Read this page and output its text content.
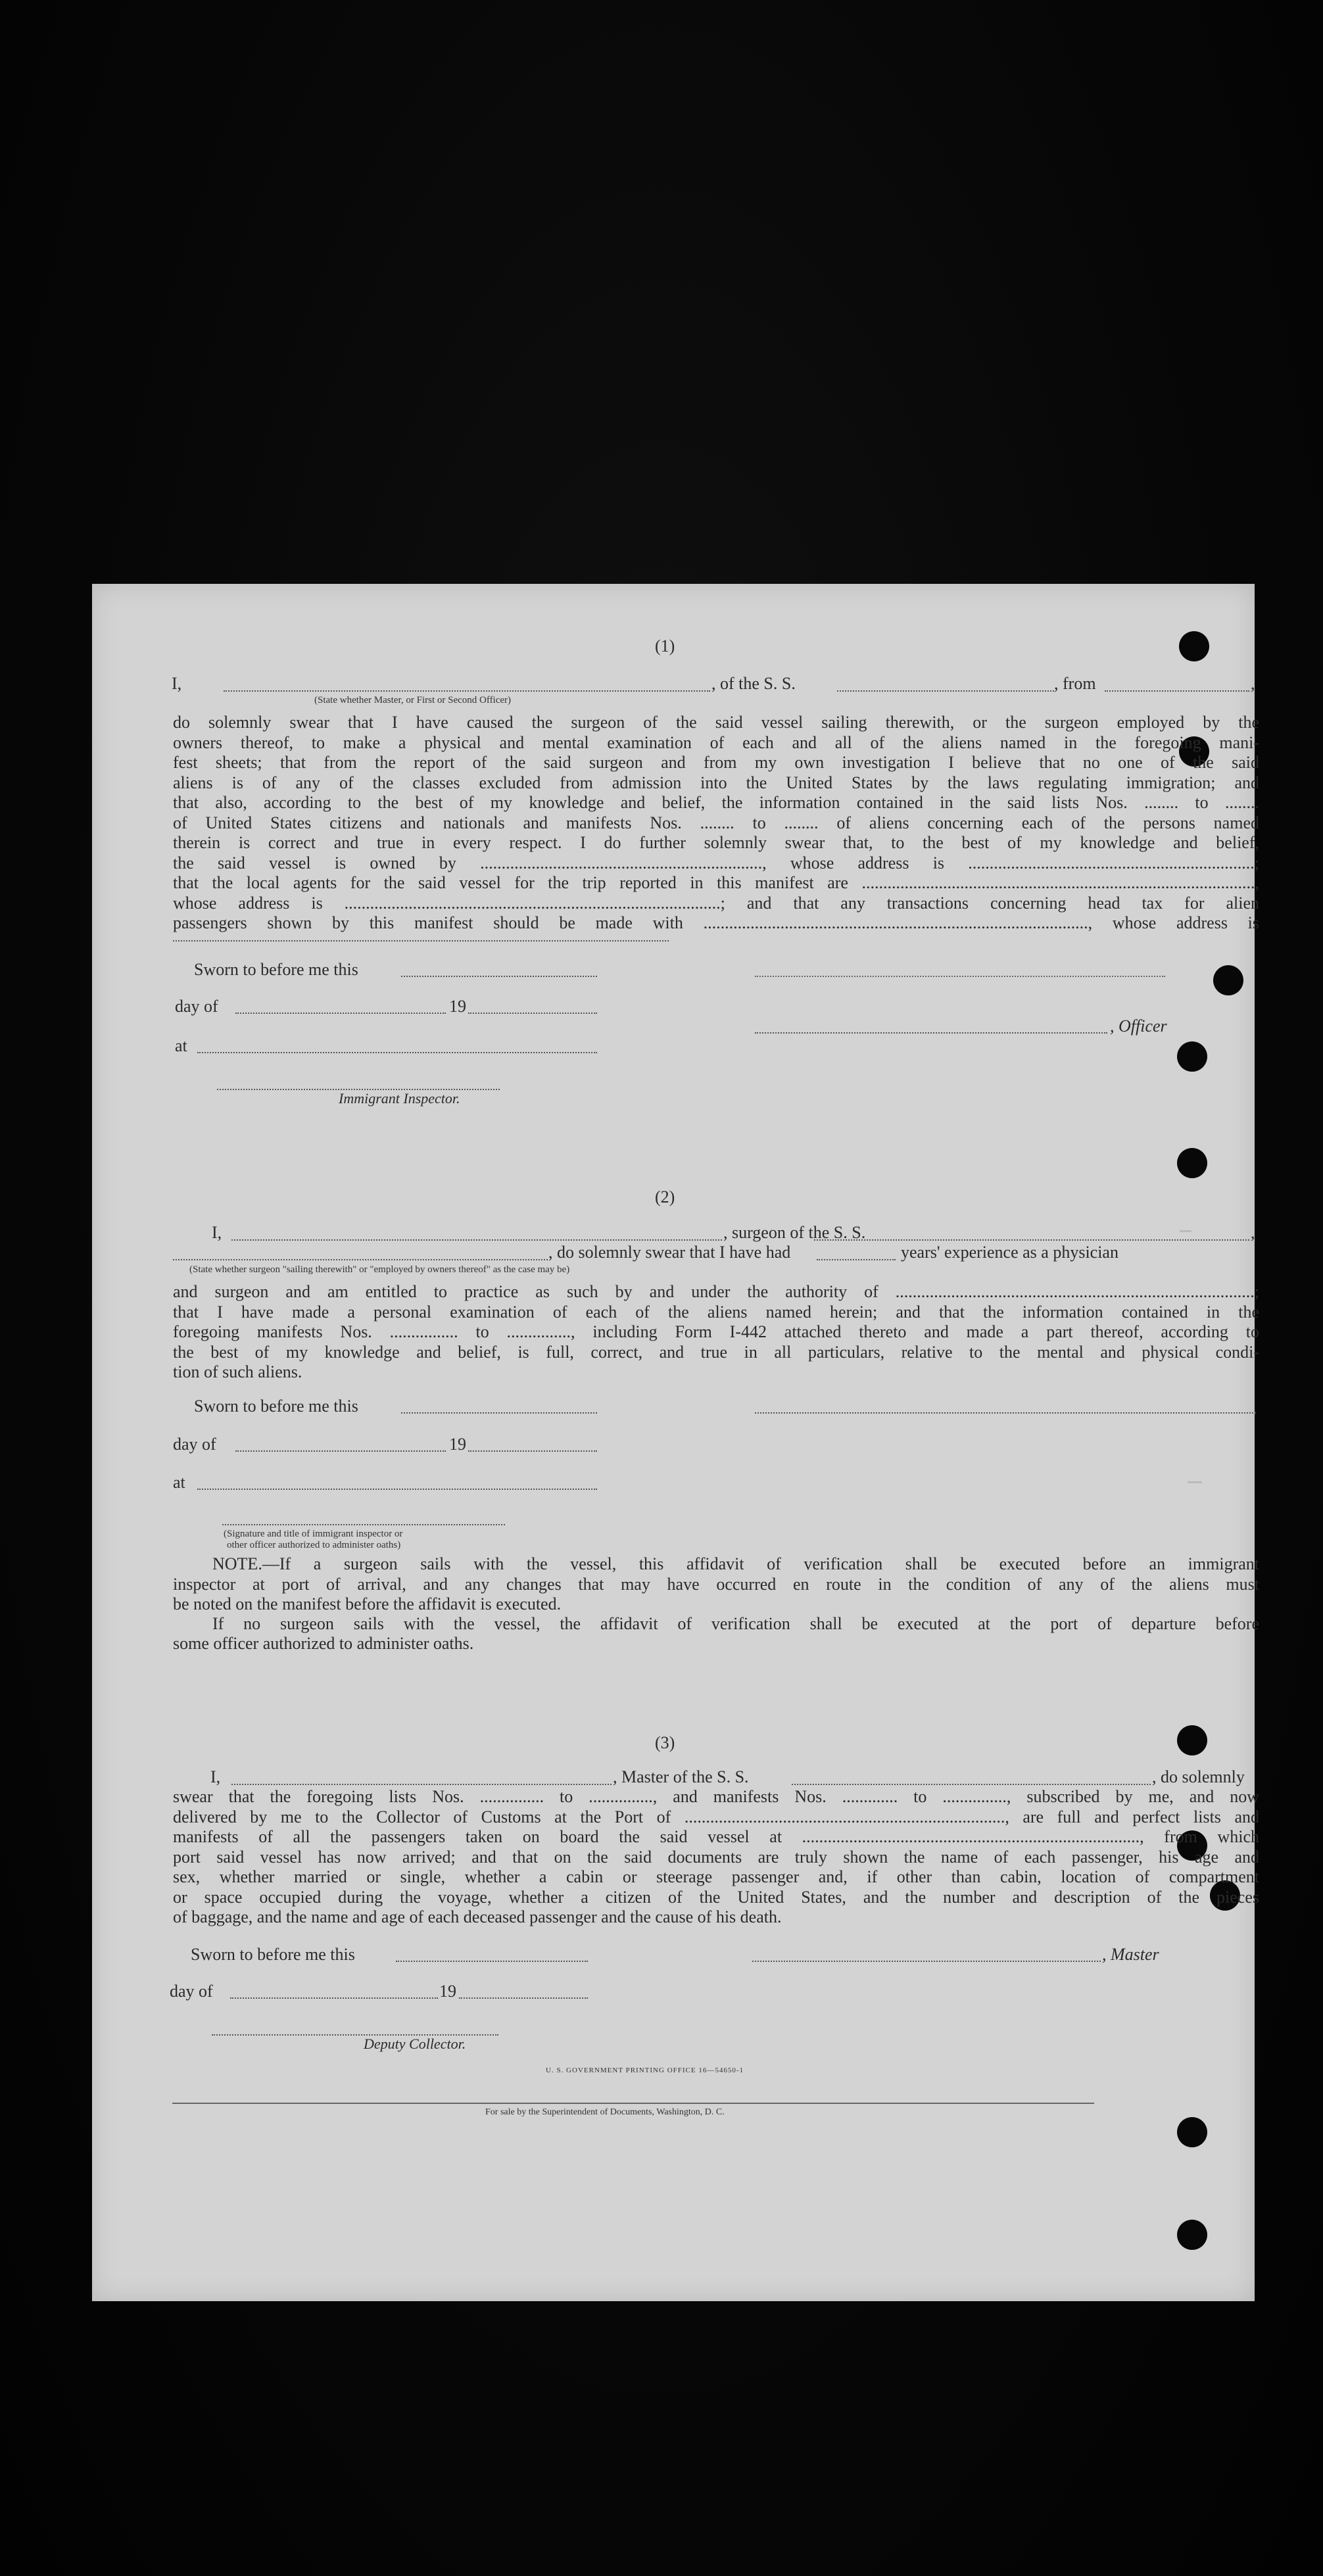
(1)
I,	, of the S. S.	, from	,
(State whether Master, or First or Second Officer)
do solemnly swear that I have caused the surgeon of the said vessel sailing therewith, or the surgeon employed by the
owners thereof, to make a physical and mental examination of each and all of the aliens named in the foregoing mani-
fest sheets; that from the report of the said surgeon and from my own investigation I believe that no one of the said
aliens is of any of the classes excluded from admission into the United States by the laws regulating immigration; and
that also, according to the best of my knowledge and belief, the information contained in the said lists Nos. ........ to ........
of United States citizens and nationals and manifests Nos. ........ to ........ of aliens concerning each of the persons named
therein is correct and true in every respect. I do further solemnly swear that, to the best of my knowledge and belief,
the said vessel is owned by .................................................................., whose address is ...................................................................;
that the local agents for the said vessel for the trip reported in this manifest are ............................................................................................,
whose address is ........................................................................................; and that any transactions concerning head tax for alien
passengers shown by this manifest should be made with .........................................................................................., whose address is
Sworn to before me this
day of	19
, Officer
at
Immigrant Inspector.
(2)
I,	, surgeon of the S. S.	,
, do solemnly swear that I have had	years' experience as a physician
(State whether surgeon "sailing therewith" or "employed by owners thereof" as the case may be)
and surgeon and am entitled to practice as such by and under the authority of ....................................................................................;
that I have made a personal examination of each of the aliens named herein; and that the information contained in the
foregoing manifests Nos. ................ to ..............., including Form I-442 attached thereto and made a part thereof, according to
the best of my knowledge and belief, is full, correct, and true in all particulars, relative to the mental and physical condi-
tion of such aliens.
Sworn to before me this
day of	19
at
(Signature and title of immigrant inspector or
other officer authorized to administer oaths)
NOTE.—If a surgeon sails with the vessel, this affidavit of verification shall be executed before an immigrant
inspector at port of arrival, and any changes that may have occurred en route in the condition of any of the aliens must
be noted on the manifest before the affidavit is executed.
If no surgeon sails with the vessel, the affidavit of verification shall be executed at the port of departure before
some officer authorized to administer oaths.
(3)
I,	, Master of the S. S.	, do solemnly
swear that the foregoing lists Nos. ............... to ..............., and manifests Nos. ............. to ..............., subscribed by me, and now
delivered by me to the Collector of Customs at the Port of ..........................................................................., are full and perfect lists and
manifests of all the passengers taken on board the said vessel at ..............................................................................., from which
port said vessel has now arrived; and that on the said documents are truly shown the name of each passenger, his age and
sex, whether married or single, whether a cabin or steerage passenger and, if other than cabin, location of compartment
or space occupied during the voyage, whether a citizen of the United States, and the number and description of the pieces
of baggage, and the name and age of each deceased passenger and the cause of his death.
Sworn to before me this	, Master
day of	19
Deputy Collector.
U. S. GOVERNMENT PRINTING OFFICE 16—54650-1
For sale by the Superintendent of Documents, Washington, D. C.
